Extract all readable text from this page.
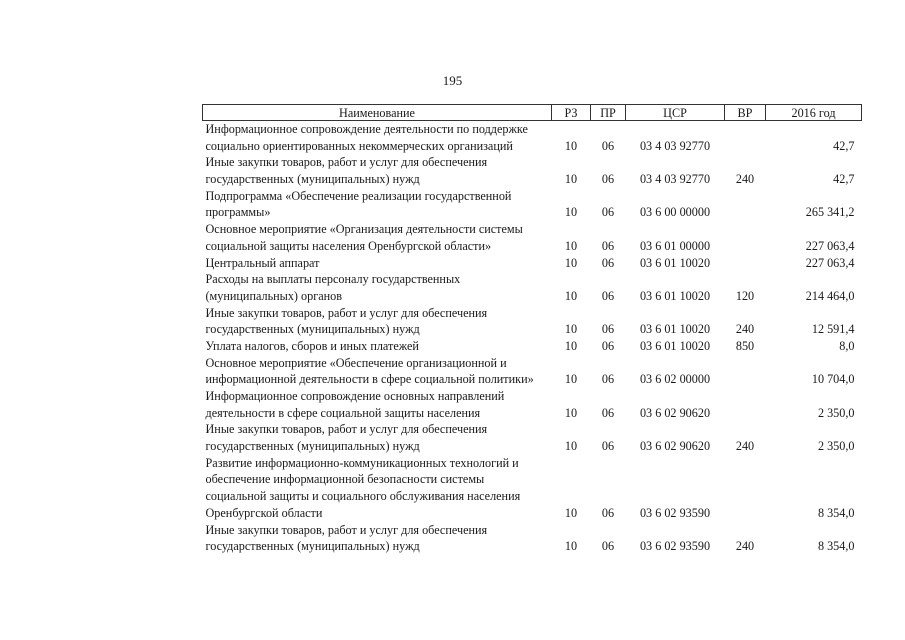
195
Наименование	РЗ	ПР	ЦСР	ВР	2016 год

Информационное сопровождение деятельности по поддержке
социально ориентированных некоммерческих организаций	10	06	03 4 03 92770		42,7

Иные закупки товаров, работ и услуг для обеспечения
государственных (муниципальных) нужд	10	06	03 4 03 92770	240	42,7

Подпрограмма «Обеспечение реализации государственной
программы»	10	06	03 6 00 00000		265 341,2

Основное мероприятие «Организация деятельности системы
социальной защиты населения Оренбургской области»	10	06	03 6 01 00000		227 063,4

Центральный аппарат	10	06	03 6 01 10020		227 063,4

Расходы на выплаты персоналу государственных
(муниципальных) органов	10	06	03 6 01 10020	120	214 464,0

Иные закупки товаров, работ и услуг для обеспечения
государственных (муниципальных) нужд	10	06	03 6 01 10020	240	12 591,4

Уплата налогов, сборов и иных платежей	10	06	03 6 01 10020	850	8,0

Основное мероприятие «Обеспечение организационной и
информационной деятельности в сфере социальной политики»	10	06	03 6 02 00000		10 704,0

Информационное сопровождение основных направлений
деятельности в сфере социальной защиты населения	10	06	03 6 02 90620		2 350,0

Иные закупки товаров, работ и услуг для обеспечения
государственных (муниципальных) нужд	10	06	03 6 02 90620	240	2 350,0

Развитие информационно-коммуникационных технологий и
обеспечение информационной безопасности системы
социальной защиты и социального обслуживания населения
Оренбургской области	10	06	03 6 02 93590		8 354,0

Иные закупки товаров, работ и услуг для обеспечения
государственных (муниципальных) нужд	10	06	03 6 02 93590	240	8 354,0
